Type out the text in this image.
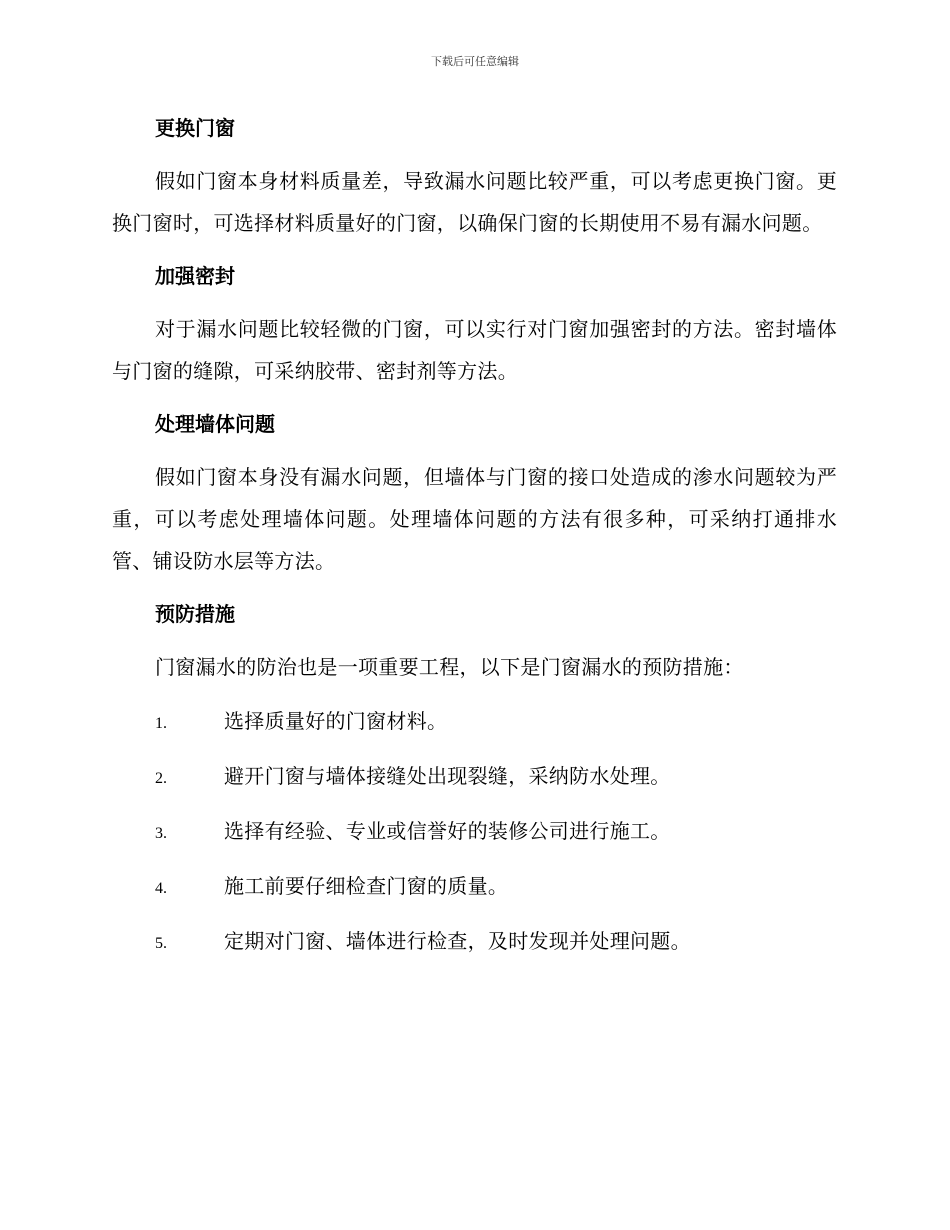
下载后可任意编辑
更换门窗

假如门窗本身材料质量差，导致漏水问题比较严重，可以考虑更换门窗。更换门窗时，可选择材料质量好的门窗，以确保门窗的长期使用不易有漏水问题。

加强密封

对于漏水问题比较轻微的门窗，可以实行对门窗加强密封的方法。密封墙体与门窗的缝隙，可采纳胶带、密封剂等方法。

处理墙体问题

假如门窗本身没有漏水问题，但墙体与门窗的接口处造成的渗水问题较为严重，可以考虑处理墙体问题。处理墙体问题的方法有很多种，可采纳打通排水管、铺设防水层等方法。

预防措施

门窗漏水的防治也是一项重要工程，以下是门窗漏水的预防措施：

1.	选择质量好的门窗材料。
2.	避开门窗与墙体接缝处出现裂缝，采纳防水处理。
3.	选择有经验、专业或信誉好的装修公司进行施工。
4.	施工前要仔细检查门窗的质量。
5.	定期对门窗、墙体进行检查，及时发现并处理问题。
